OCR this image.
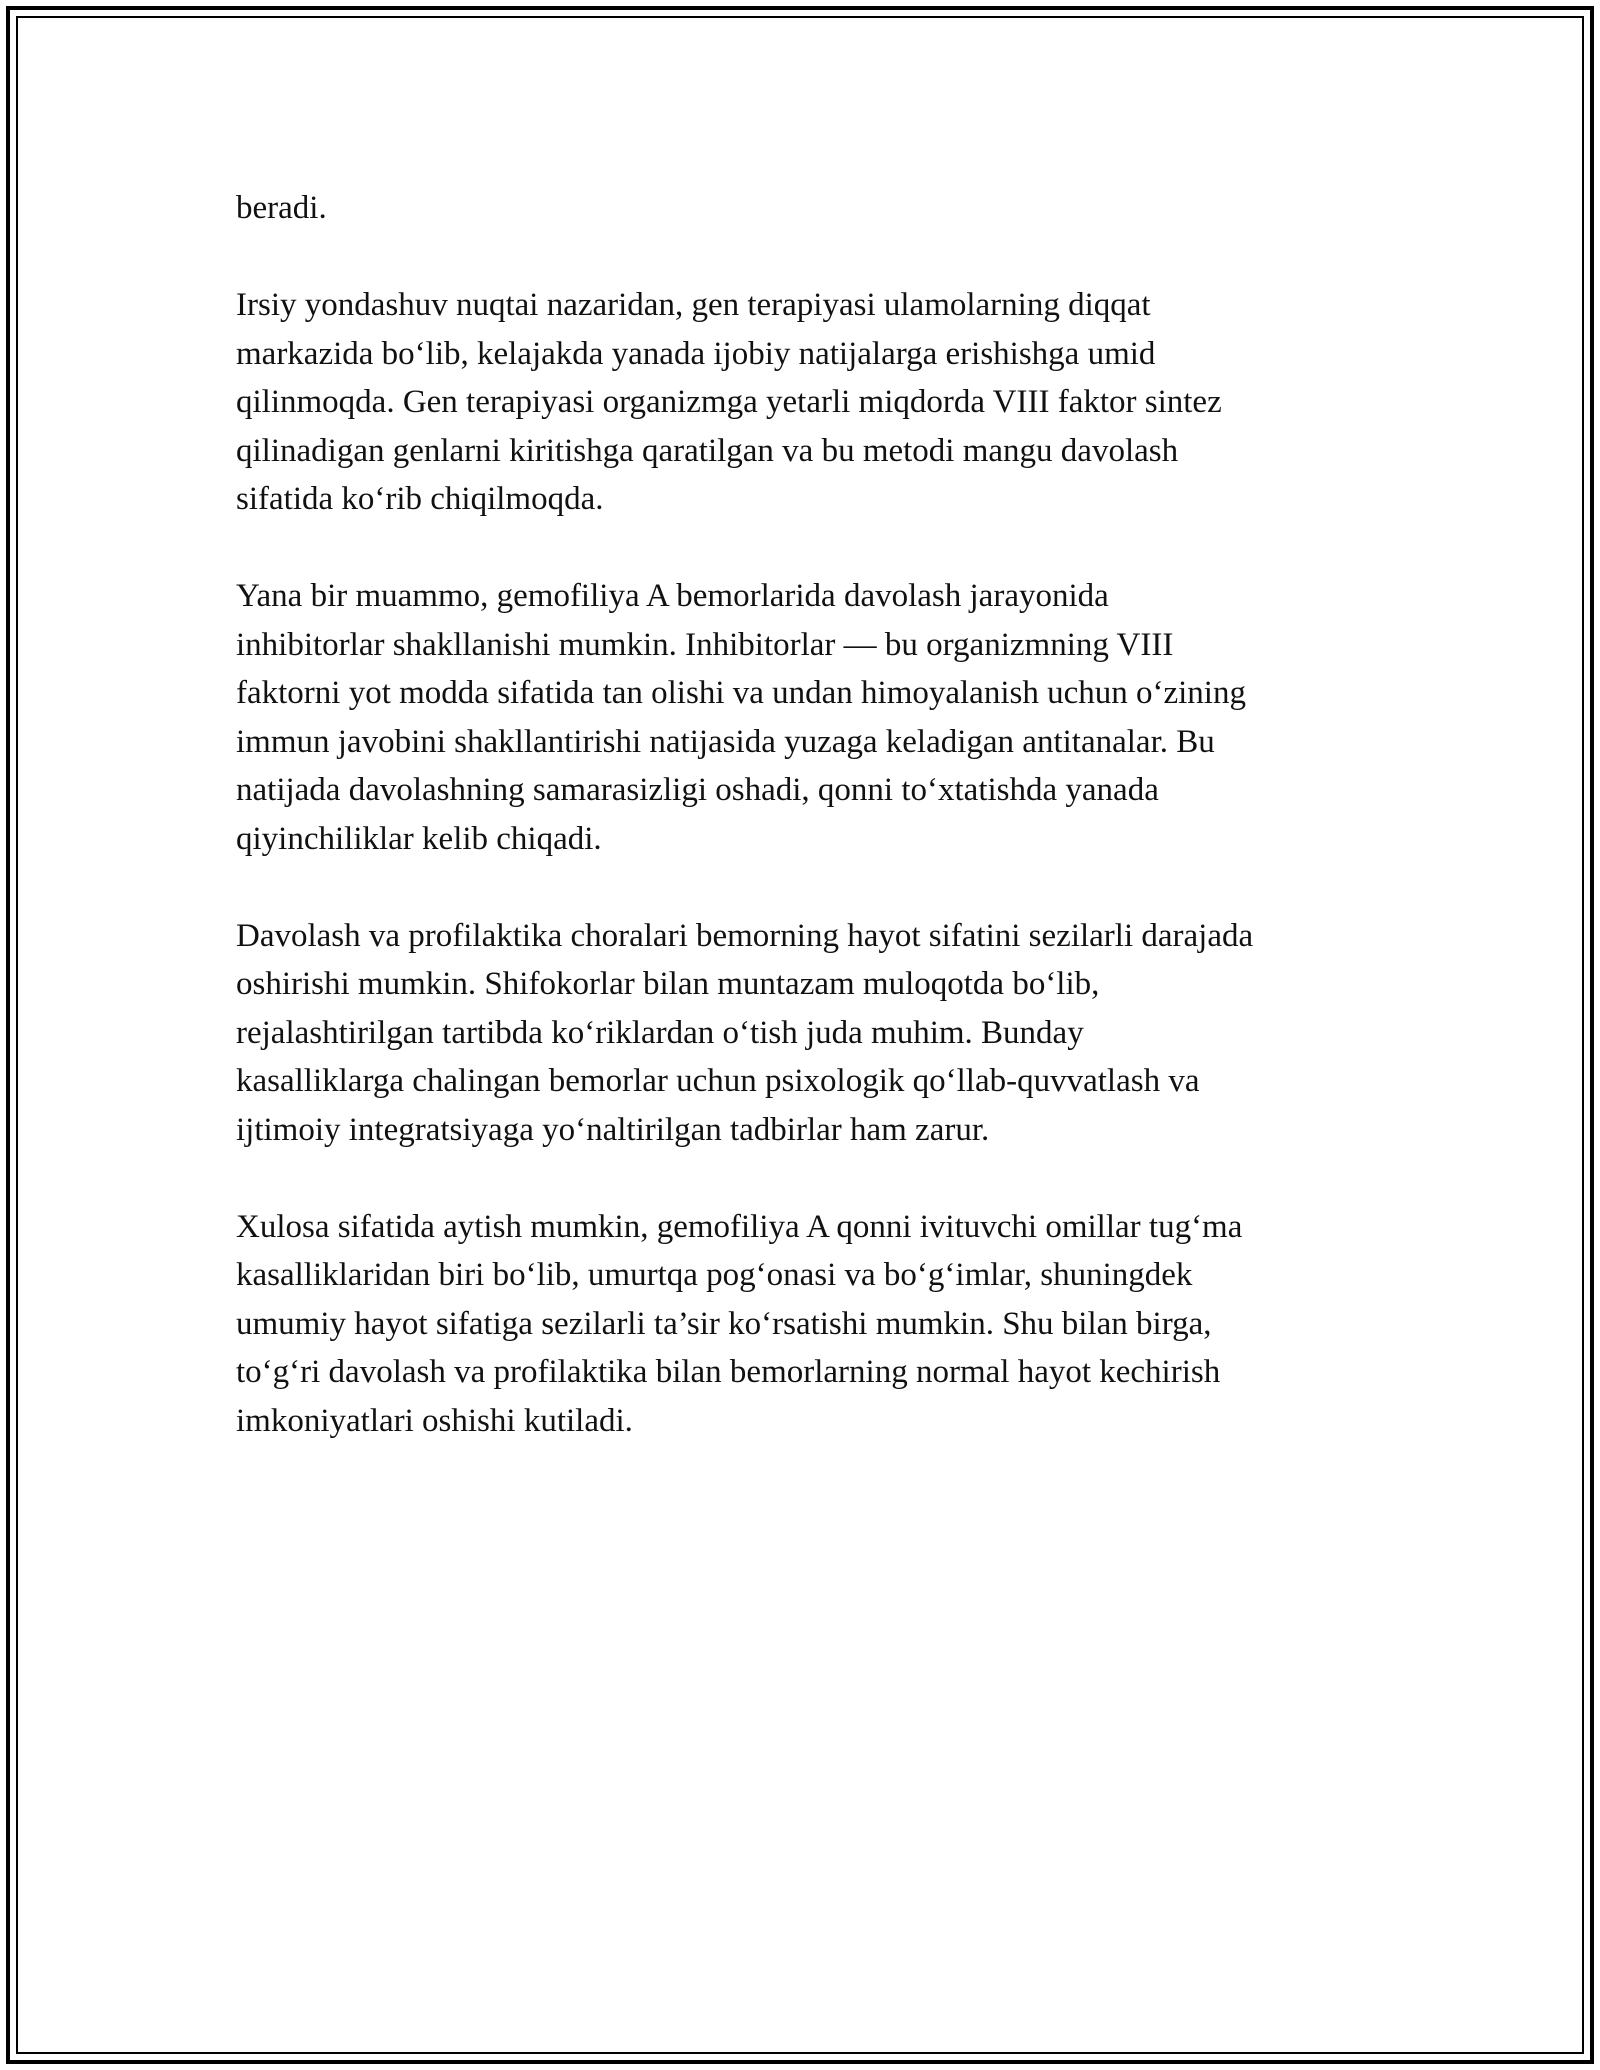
beradi.

Irsiy yondashuv nuqtai nazaridan, gen terapiyasi ulamolarning diqqat
markazida bo‘lib, kelajakda yanada ijobiy natijalarga erishishga umid
qilinmoqda. Gen terapiyasi organizmga yetarli miqdorda VIII faktor sintez
qilinadigan genlarni kiritishga qaratilgan va bu metodi mangu davolash
sifatida ko‘rib chiqilmoqda.

Yana bir muammo, gemofiliya A bemorlarida davolash jarayonida
inhibitorlar shakllanishi mumkin. Inhibitorlar — bu organizmning VIII
faktorni yot modda sifatida tan olishi va undan himoyalanish uchun o‘zining
immun javobini shakllantirishi natijasida yuzaga keladigan antitanalar. Bu
natijada davolashning samarasizligi oshadi, qonni to‘xtatishda yanada
qiyinchiliklar kelib chiqadi.

Davolash va profilaktika choralari bemorning hayot sifatini sezilarli darajada
oshirishi mumkin. Shifokorlar bilan muntazam muloqotda bo‘lib,
rejalashtirilgan tartibda ko‘riklardan o‘tish juda muhim. Bunday
kasalliklarga chalingan bemorlar uchun psixologik qo‘llab-quvvatlash va
ijtimoiy integratsiyaga yo‘naltirilgan tadbirlar ham zarur.

Xulosa sifatida aytish mumkin, gemofiliya A qonni ivituvchi omillar tug‘ma
kasalliklaridan biri bo‘lib, umurtqa pog‘onasi va bo‘g‘imlar, shuningdek
umumiy hayot sifatiga sezilarli ta’sir ko‘rsatishi mumkin. Shu bilan birga,
to‘g‘ri davolash va profilaktika bilan bemorlarning normal hayot kechirish
imkoniyatlari oshishi kutiladi.
